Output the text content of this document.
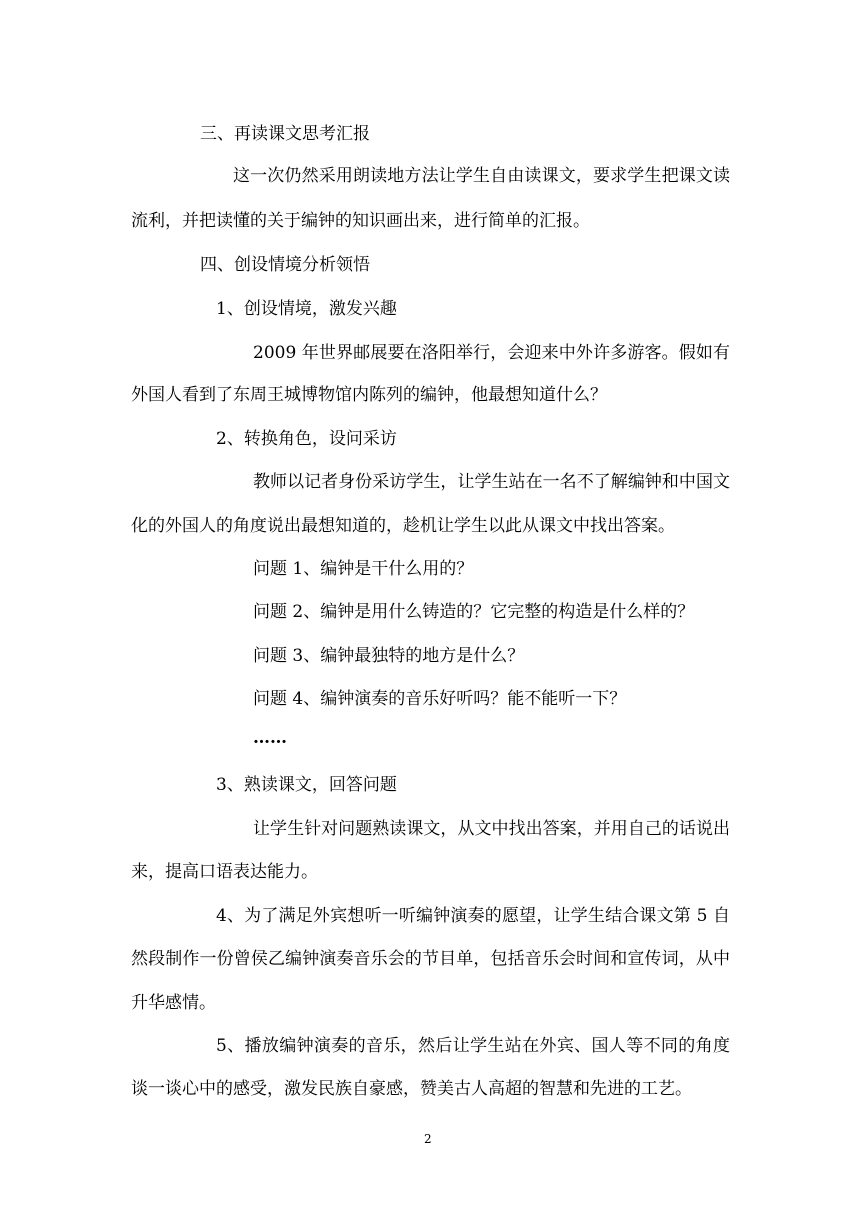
三、再读课文思考汇报
这一次仍然采用朗读地方法让学生自由读课文，要求学生把课文读
流利，并把读懂的关于编钟的知识画出来，进行简单的汇报。
四、创设情境分析领悟
1、创设情境，激发兴趣
2009 年世界邮展要在洛阳举行，会迎来中外许多游客。假如有
外国人看到了东周王城博物馆内陈列的编钟，他最想知道什么？
2、转换角色，设问采访
教师以记者身份采访学生，让学生站在一名不了解编钟和中国文
化的外国人的角度说出最想知道的，趁机让学生以此从课文中找出答案。
问题 1、编钟是干什么用的？
问题 2、编钟是用什么铸造的？它完整的构造是什么样的？
问题 3、编钟最独特的地方是什么？
问题 4、编钟演奏的音乐好听吗？能不能听一下？
……
3、熟读课文，回答问题
让学生针对问题熟读课文，从文中找出答案，并用自己的话说出
来，提高口语表达能力。
4、为了满足外宾想听一听编钟演奏的愿望，让学生结合课文第 5 自
然段制作一份曾侯乙编钟演奏音乐会的节目单，包括音乐会时间和宣传词，从中
升华感情。
5、播放编钟演奏的音乐，然后让学生站在外宾、国人等不同的角度
谈一谈心中的感受，激发民族自豪感，赞美古人高超的智慧和先进的工艺。
2
